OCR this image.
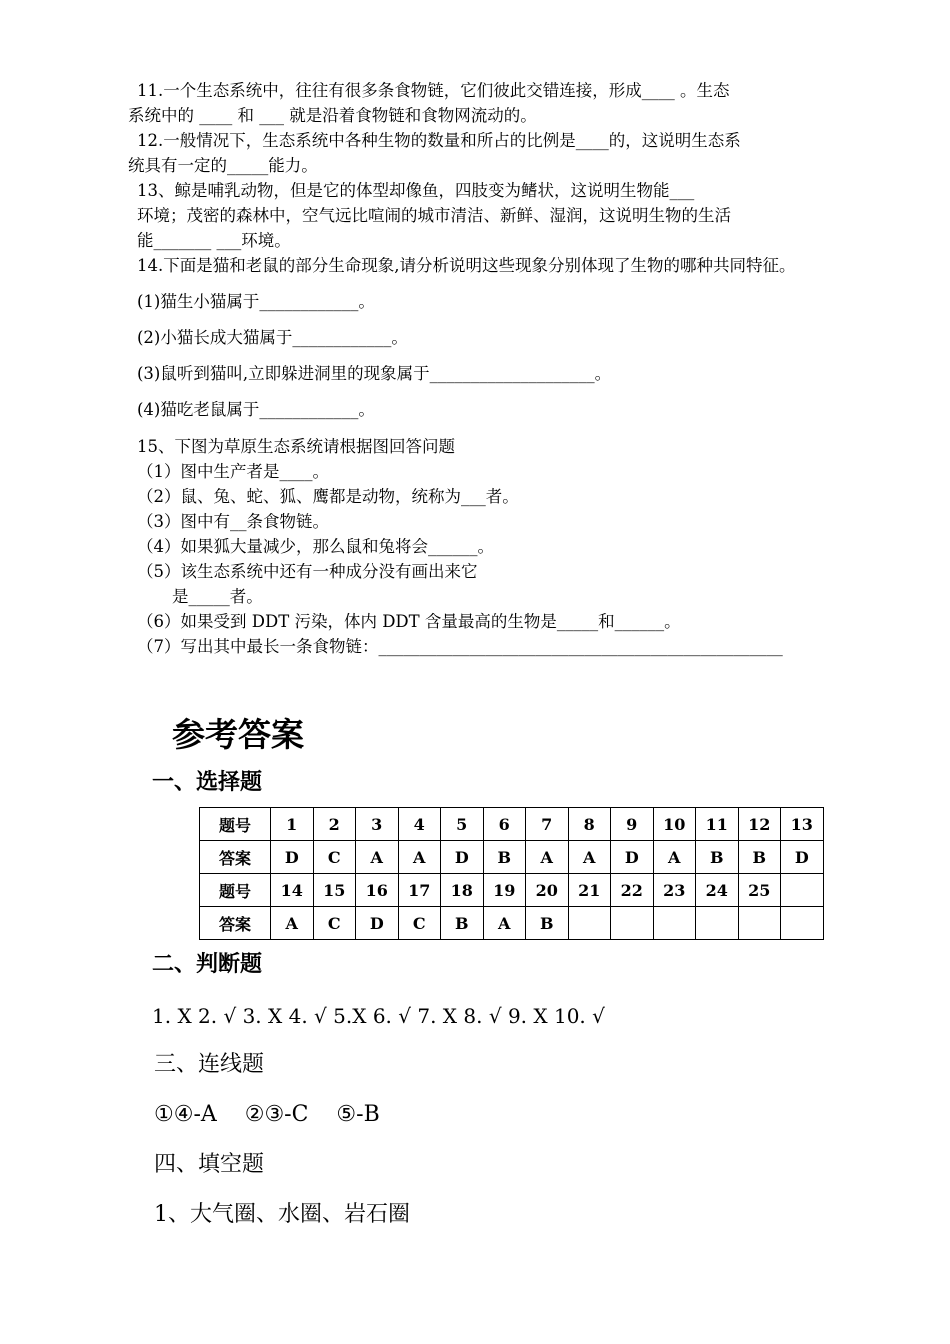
11.一个生态系统中，往往有很多条食物链，它们彼此交错连接，形成____ 。生态
系统中的 ____ 和 ___ 就是沿着食物链和食物网流动的。
12.一般情况下，生态系统中各种生物的数量和所占的比例是____的，这说明生态系
统具有一定的_____能力。
13、鲸是哺乳动物，但是它的体型却像鱼，四肢变为鳍状，这说明生物能___
环境；茂密的森林中，空气远比喧闹的城市清洁、新鲜、湿润，这说明生物的生活
能_______ ___环境。
14.下面是猫和老鼠的部分生命现象,请分析说明这些现象分别体现了生物的哪种共同特征。
(1)猫生小猫属于____________。
(2)小猫长成大猫属于____________。
(3)鼠听到猫叫,立即躲进洞里的现象属于____________________。
(4)猫吃老鼠属于____________。
15、下图为草原生态系统请根据图回答问题
（1）图中生产者是____。
（2）鼠、兔、蛇、狐、鹰都是动物，统称为___者。
（3）图中有__条食物链。
（4）如果狐大量减少，那么鼠和兔将会______。
（5）该生态系统中还有一种成分没有画出来它
是_____者。
（6）如果受到 DDT 污染，体内 DDT 含量最高的生物是_____和______。
（7）写出其中最长一条食物链：_________________________________________________
参考答案
一、选择题
题号	1	2	3	4	5	6	7	8	9	10	11	12	13
答案	D	C	A	A	D	B	A	A	D	A	B	B	D
题号	14	15	16	17	18	19	20	21	22	23	24	25	
答案	A	C	D	C	B	A	B						
二、判断题
1. X 2. √ 3. X 4. √ 5.X 6. √ 7. X 8. √ 9. X 10. √
三、连线题
①④-A    ②③-C    ⑤-B
四、填空题
1、大气圈、水圈、岩石圈
